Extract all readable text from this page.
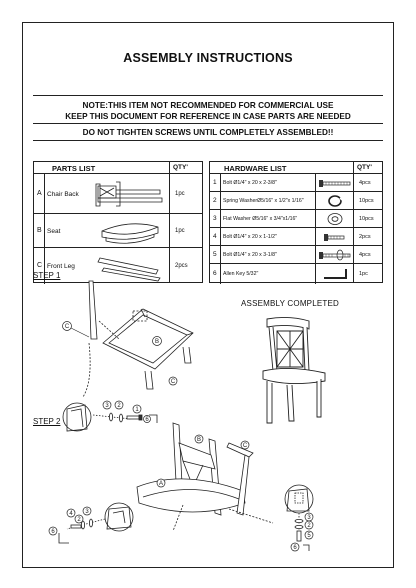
ASSEMBLY INSTRUCTIONS
NOTE:THIS ITEM NOT RECOMMENDED FOR COMMERCIAL USE
KEEP THIS DOCUMENT FOR REFERENCE IN CASE PARTS ARE NEEDED
DO NOT TIGHTEN SCREWS UNTIL COMPLETELY ASSEMBLED!!
PARTS LIST	QTY'
A Chair Back	1pc
B Seat	1pc
C Front Leg	2pcs
HARDWARE LIST	QTY'
1 Bolt Ø1/4" x 20 x 2-3/8"	4pcs
2 Spring WasherØ5/16" x 1/2"x 1/16"	10pcs
3 Flat Washer Ø5/16" x 3/4"x1/16"	10pcs
4 Bolt Ø1/4" x 20 x 1-1/2"	2pcs
5 Bolt Ø1/4" x 20 x 3-1/8"	4pcs
6 Allen Key 5/32"	1pc
STEP 1
C
B
C
3 2
1
6
ASSEMBLY COMPLETED
STEP 2
B
C
A
3
2
4
6
3
2
5
6
